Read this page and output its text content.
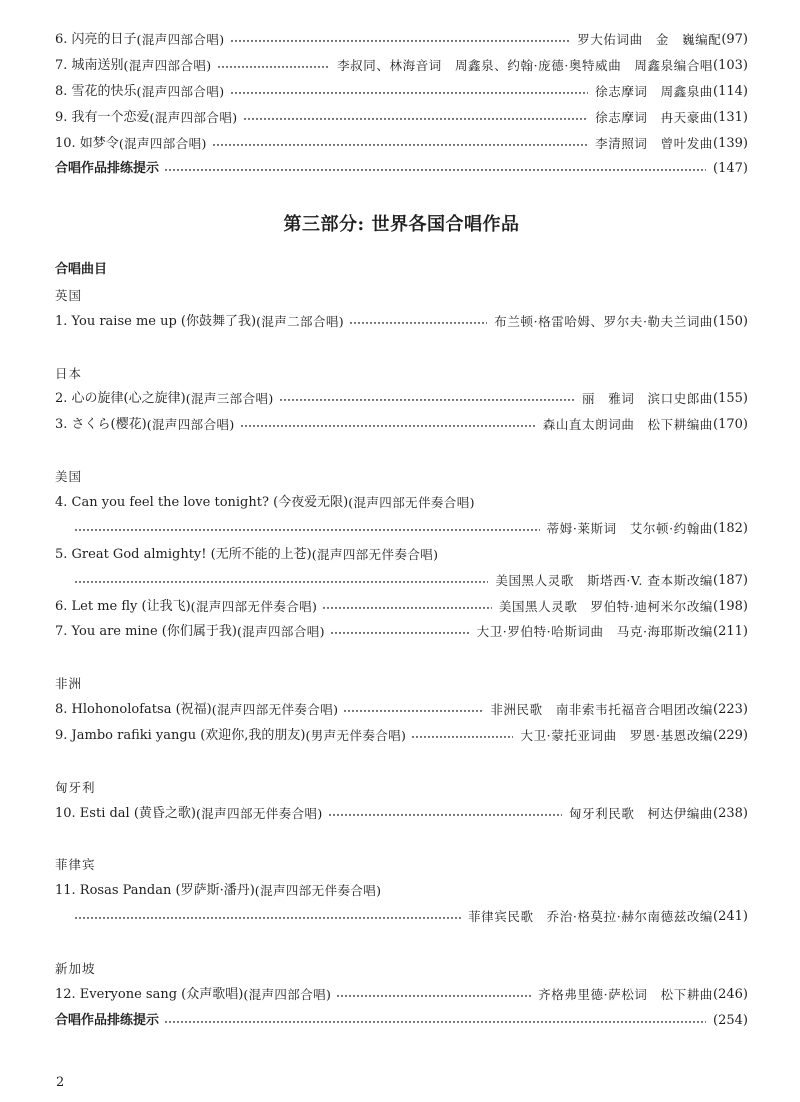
6. 闪亮的日子 (混声四部合唱)	罗大佑词曲　金　巍编配 (97)
7. 城南送别 (混声四部合唱)	李叔同、林海音词　周鑫泉、约翰·庞德·奥特威曲　周鑫泉编合唱 (103)
8. 雪花的快乐 (混声四部合唱)	徐志摩词　周鑫泉曲 (114)
9. 我有一个恋爱 (混声四部合唱)	徐志摩词　冉天豪曲 (131)
10. 如梦令 (混声四部合唱)	李清照词　曾叶发曲 (139)
合唱作品排练提示	(147)
第三部分: 世界各国合唱作品
合唱曲目
英国
1. You raise me up (你鼓舞了我) (混声二部合唱)	布兰顿·格雷哈姆、罗尔夫·勒夫兰词曲 (150)
日本
2. 心の旋律(心之旋律) (混声三部合唱)	丽　雅词　滨口史郎曲 (155)
3. さくら(樱花) (混声四部合唱)	森山直太朗词曲　松下耕编曲 (170)
美国
4. Can you feel the love tonight? (今夜爱无限) (混声四部无伴奏合唱)
蒂姆·莱斯词　艾尔顿·约翰曲 (182)
5. Great God almighty! (无所不能的上苍) (混声四部无伴奏合唱)
美国黑人灵歌　斯塔西·V. 查本斯改编 (187)
6. Let me fly (让我飞) (混声四部无伴奏合唱)	美国黑人灵歌　罗伯特·迪柯米尔改编 (198)
7. You are mine (你们属于我) (混声四部合唱)	大卫·罗伯特·哈斯词曲　马克·海耶斯改编 (211)
非洲
8. Hlohonolofatsa (祝福) (混声四部无伴奏合唱)	非洲民歌　南非索韦托福音合唱团改编 (223)
9. Jambo rafiki yangu (欢迎你,我的朋友) (男声无伴奏合唱)	大卫·蒙托亚词曲　罗恩·基恩改编 (229)
匈牙利
10. Esti dal (黄昏之歌) (混声四部无伴奏合唱)	匈牙利民歌　柯达伊编曲 (238)
菲律宾
11. Rosas Pandan (罗萨斯·潘丹) (混声四部无伴奏合唱)
菲律宾民歌　乔治·格莫拉·赫尔南德兹改编 (241)
新加坡
12. Everyone sang (众声歌唱) (混声四部合唱)	齐格弗里德·萨松词　松下耕曲 (246)
合唱作品排练提示	(254)
2
